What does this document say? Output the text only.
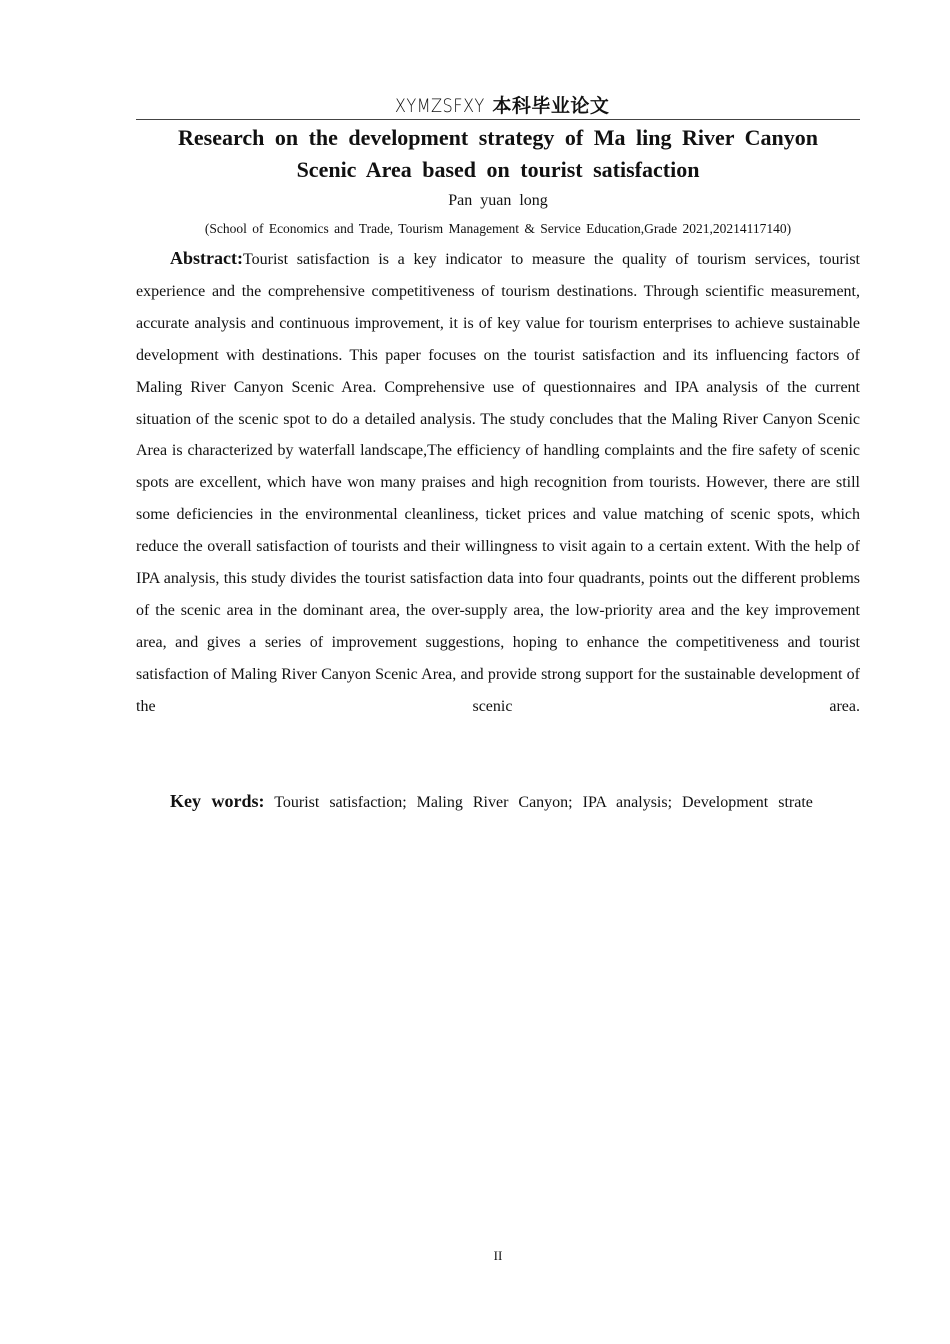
XYMZSFXY 本科毕业论文
Research on the development strategy of Ma ling River Canyon
Scenic Area based on tourist satisfaction
Pan yuan long
(School of Economics and Trade, Tourism Management & Service Education,Grade 2021,20214117140)

Abstract:Tourist satisfaction is a key indicator to measure the quality of tourism services, tourist experience and the comprehensive competitiveness of tourism destinations. Through scientific measurement, accurate analysis and continuous improvement, it is of key value for tourism enterprises to achieve sustainable development with destinations. This paper focuses on the tourist satisfaction and its influencing factors of Maling River Canyon Scenic Area. Comprehensive use of questionnaires and IPA analysis of the current situation of the scenic spot to do a detailed analysis. The study concludes that the Maling River Canyon Scenic Area is characterized by waterfall landscape,The efficiency of handling complaints and the fire safety of scenic spots are excellent, which have won many praises and high recognition from tourists. However, there are still some deficiencies in the environmental cleanliness, ticket prices and value matching of scenic spots, which reduce the overall satisfaction of tourists and their willingness to visit again to a certain extent. With the help of IPA analysis, this study divides the tourist satisfaction data into four quadrants, points out the different problems of the scenic area in the dominant area, the over-supply area, the low-priority area and the key improvement area, and gives a series of improvement suggestions, hoping to enhance the competitiveness and tourist satisfaction of Maling River Canyon Scenic Area, and provide strong support for the sustainable development of the scenic area.

Key words: Tourist satisfaction; Maling River Canyon; IPA analysis; Development strate

II
